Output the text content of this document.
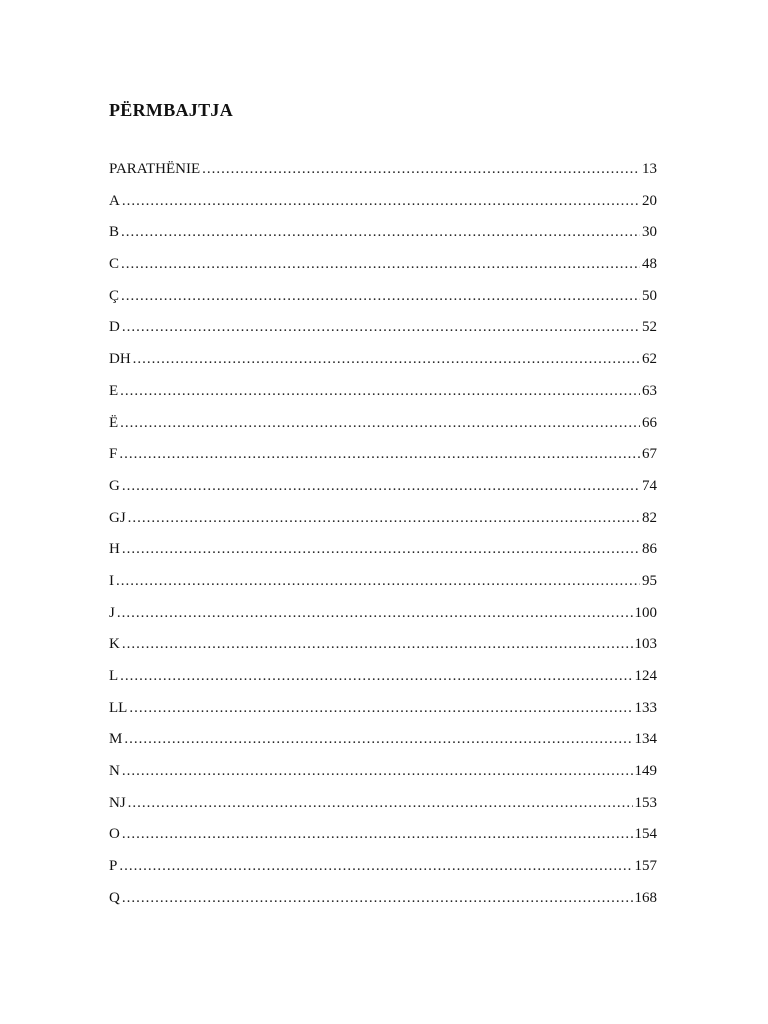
PËRMBAJTJA
PARATHËNIE .....	13
A .....	20
B .....	30
C .....	48
Ç .....	50
D .....	52
DH .....	62
E .....	63
Ë .....	66
F .....	67
G .....	74
GJ .....	82
H .....	86
I .....	95
J .....	100
K .....	103
L .....	124
LL .....	133
M .....	134
N .....	149
NJ .....	153
O .....	154
P .....	157
Q .....	168
